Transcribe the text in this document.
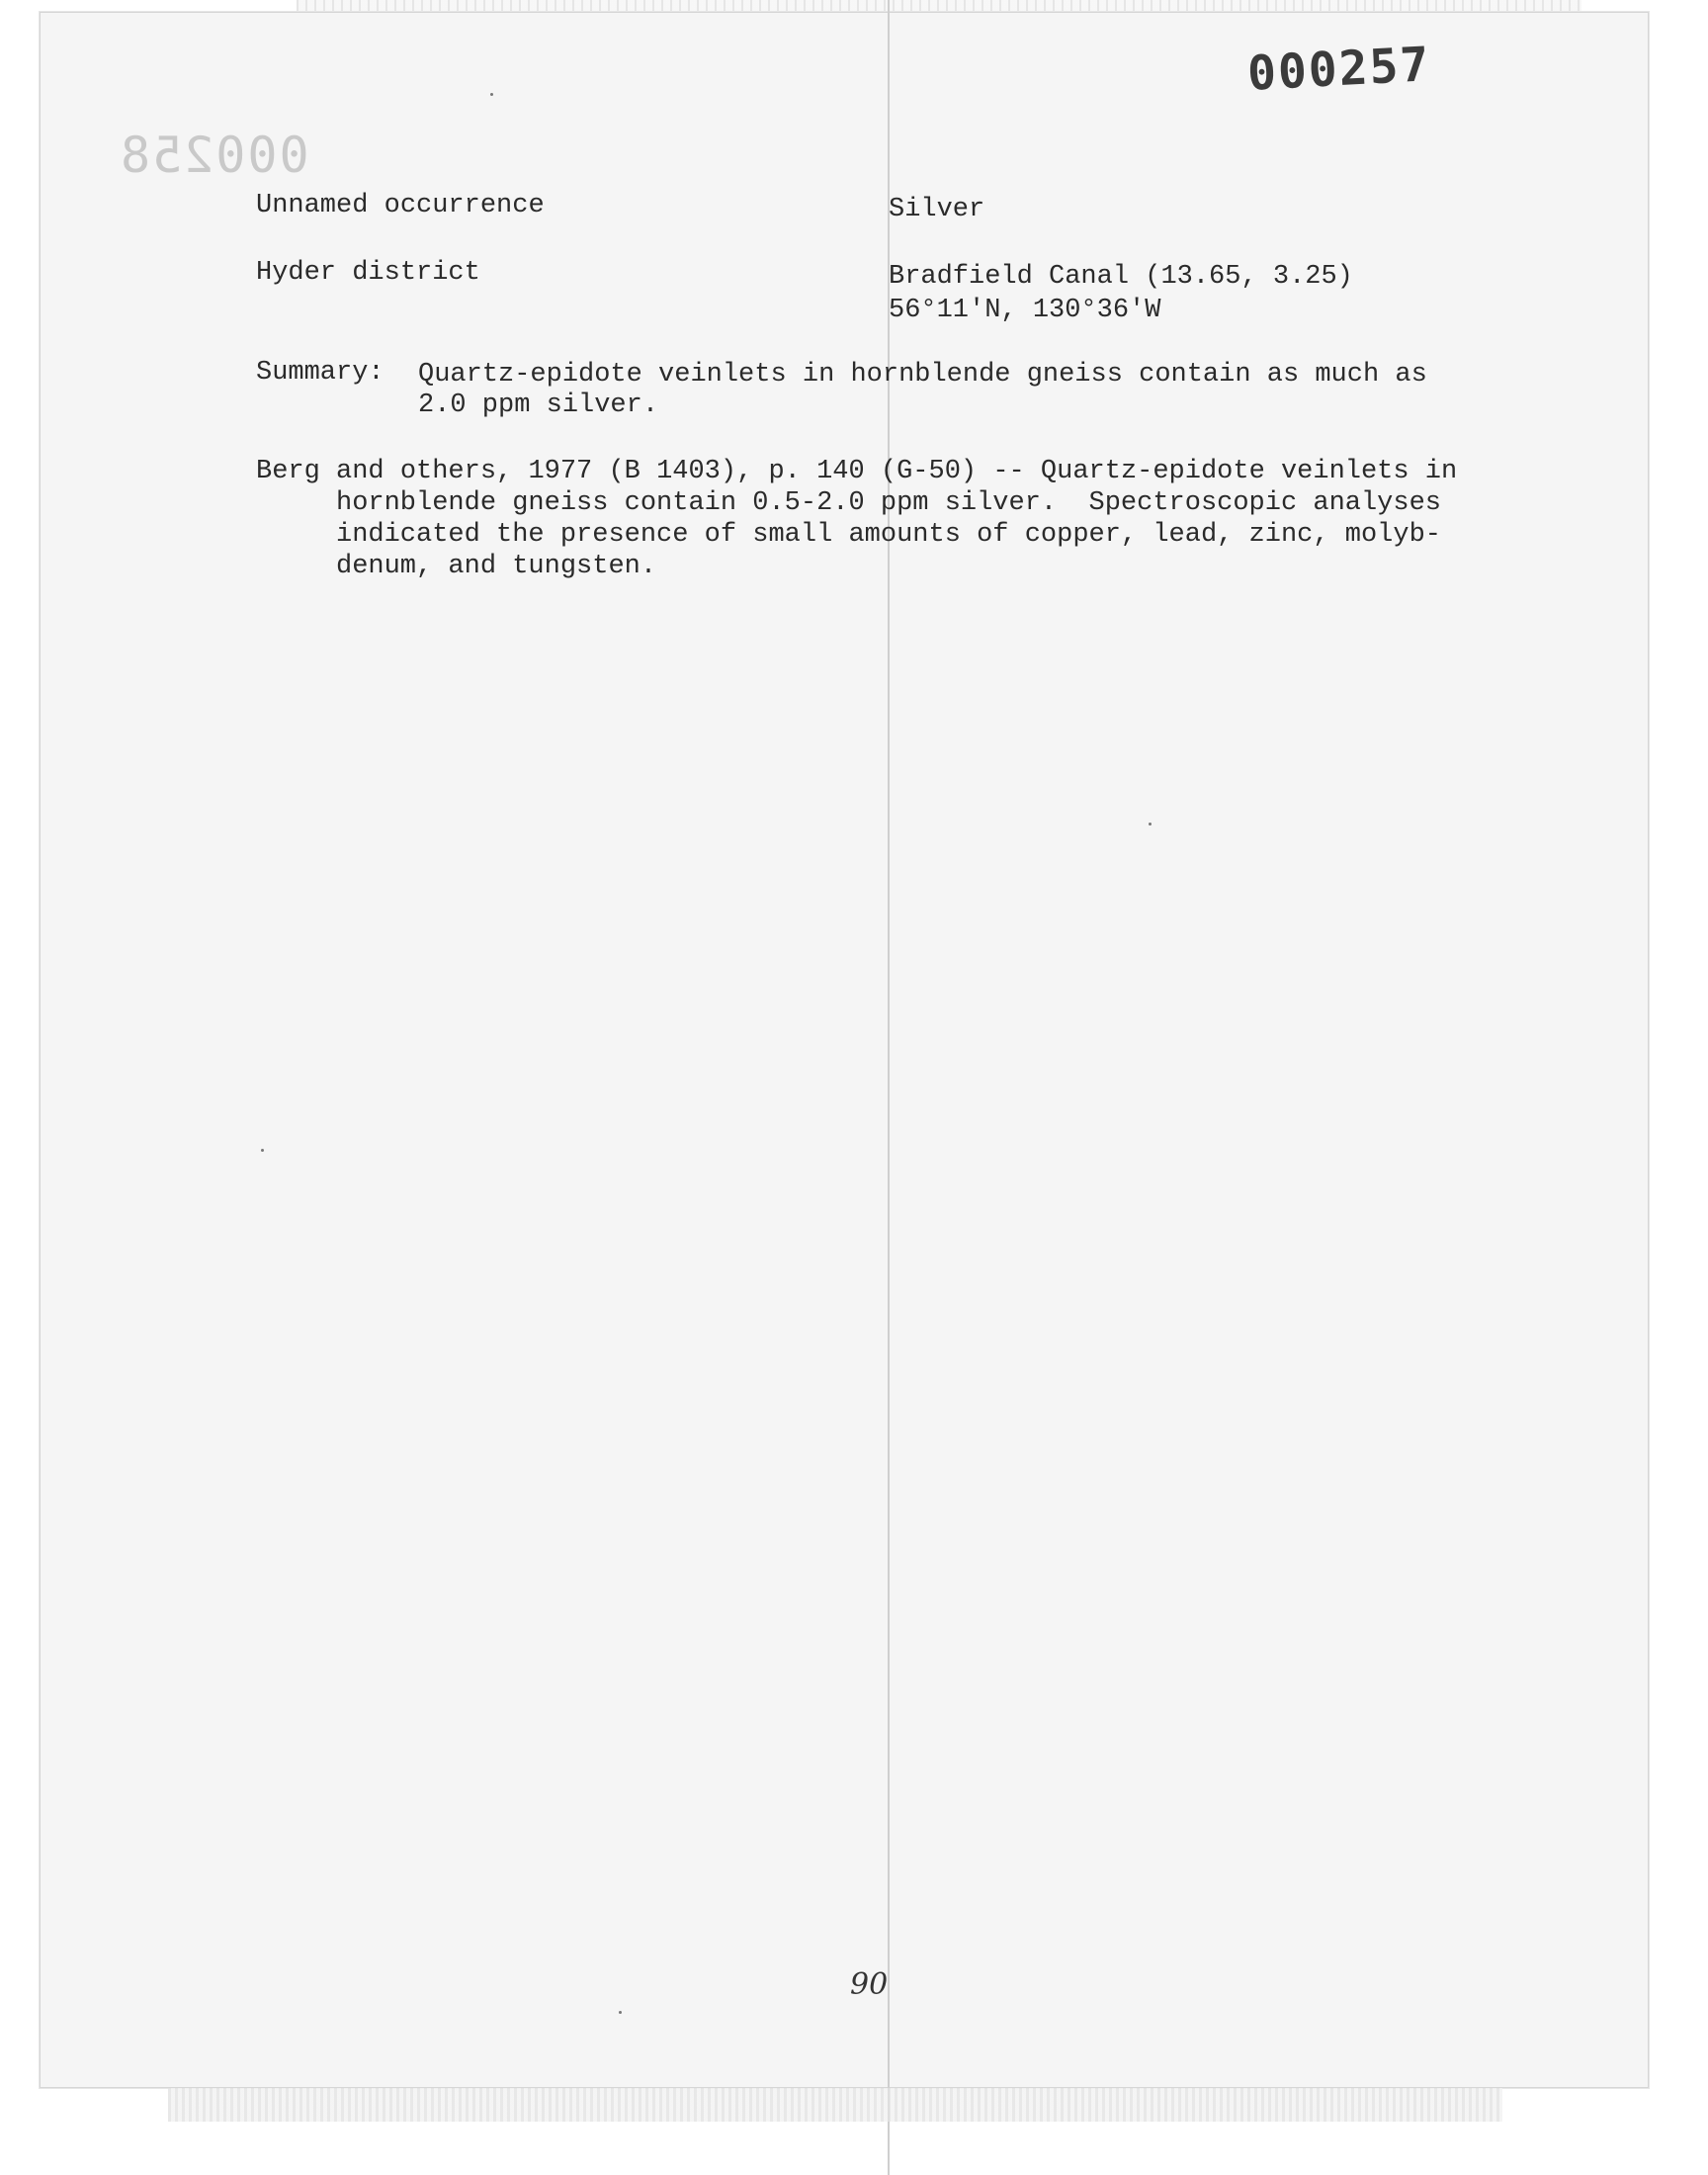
000257
000258
Unnamed occurrence	Silver
Hyder district	Bradfield Canal (13.65, 3.25)
56°11'N, 130°36'W
Summary: Quartz-epidote veinlets in hornblende gneiss contain as much as
2.0 ppm silver.
Berg and others, 1977 (B 1403), p. 140 (G-50) -- Quartz-epidote veinlets in
hornblende gneiss contain 0.5-2.0 ppm silver.  Spectroscopic analyses
indicated the presence of small amounts of copper, lead, zinc, molyb-
denum, and tungsten.
90
